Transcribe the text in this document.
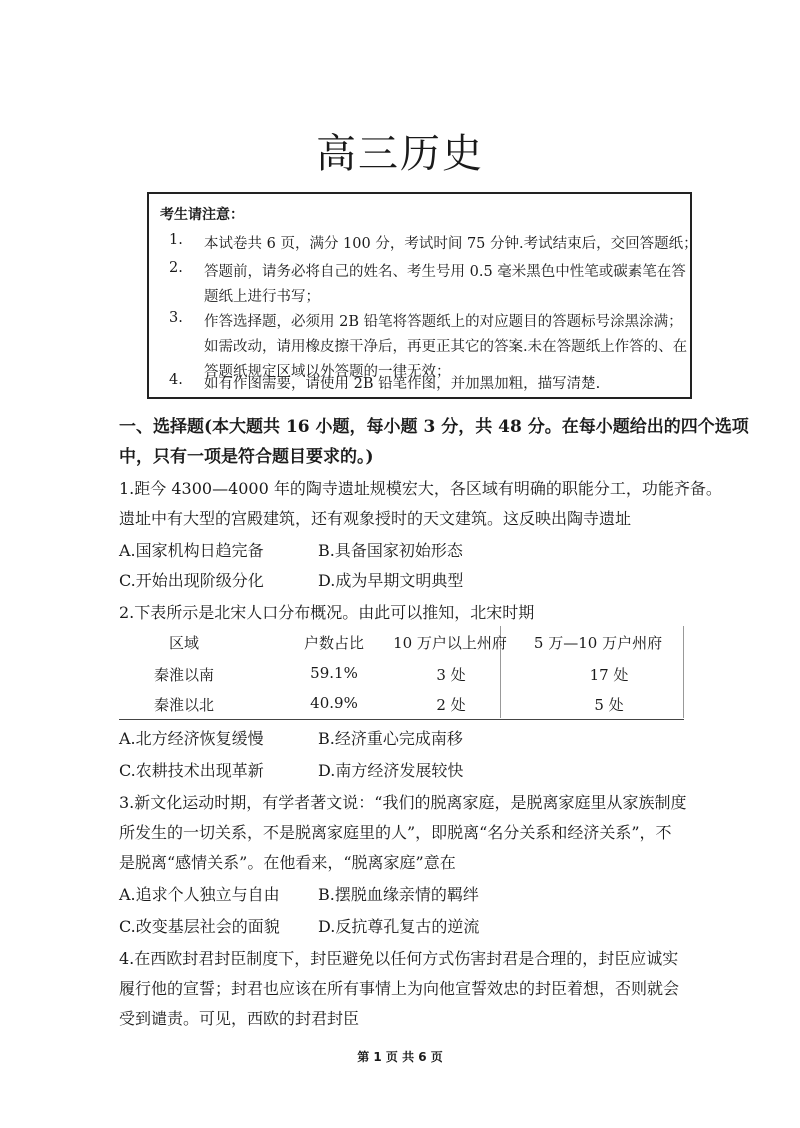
高三历史
考生请注意：
1. 本试卷共 6 页，满分 100 分，考试时间 75 分钟.考试结束后，交回答题纸；
2. 答题前，请务必将自己的姓名、考生号用 0.5 毫米黑色中性笔或碳素笔在答
题纸上进行书写；
3. 作答选择题，必须用 2B 铅笔将答题纸上的对应题目的答题标号涂黑涂满；
如需改动，请用橡皮擦干净后，再更正其它的答案.未在答题纸上作答的、在
答题纸规定区域以外答题的一律无效；
4. 如有作图需要，请使用 2B 铅笔作图，并加黑加粗，描写清楚.
一、选择题(本大题共 16 小题，每小题 3 分，共 48 分。在每小题给出的四个选项
中，只有一项是符合题目要求的。)
1.距今 4300—4000 年的陶寺遗址规模宏大，各区域有明确的职能分工，功能齐备。
遗址中有大型的宫殿建筑，还有观象授时的天文建筑。这反映出陶寺遗址
A.国家机构日趋完备	B.具备国家初始形态
C.开始出现阶级分化	D.成为早期文明典型
2.下表所示是北宋人口分布概况。由此可以推知，北宋时期
区域	户数占比	10 万户以上州府	5 万—10 万户州府
秦淮以南	59.1%	3 处	17 处
秦淮以北	40.9%	2 处	5 处
A.北方经济恢复缓慢	B.经济重心完成南移
C.农耕技术出现革新	D.南方经济发展较快
3.新文化运动时期，有学者著文说：“我们的脱离家庭，是脱离家庭里从家族制度
所发生的一切关系，不是脱离家庭里的人”，即脱离“名分关系和经济关系”，不
是脱离“感情关系”。在他看来，“脱离家庭”意在
A.追求个人独立与自由 B.摆脱血缘亲情的羁绊
C.改变基层社会的面貌 D.反抗尊孔复古的逆流
4.在西欧封君封臣制度下，封臣避免以任何方式伤害封君是合理的，封臣应诚实
履行他的宣誓；封君也应该在所有事情上为向他宣誓效忠的封臣着想，否则就会
受到谴责。可见，西欧的封君封臣
第 1 页 共 6 页
